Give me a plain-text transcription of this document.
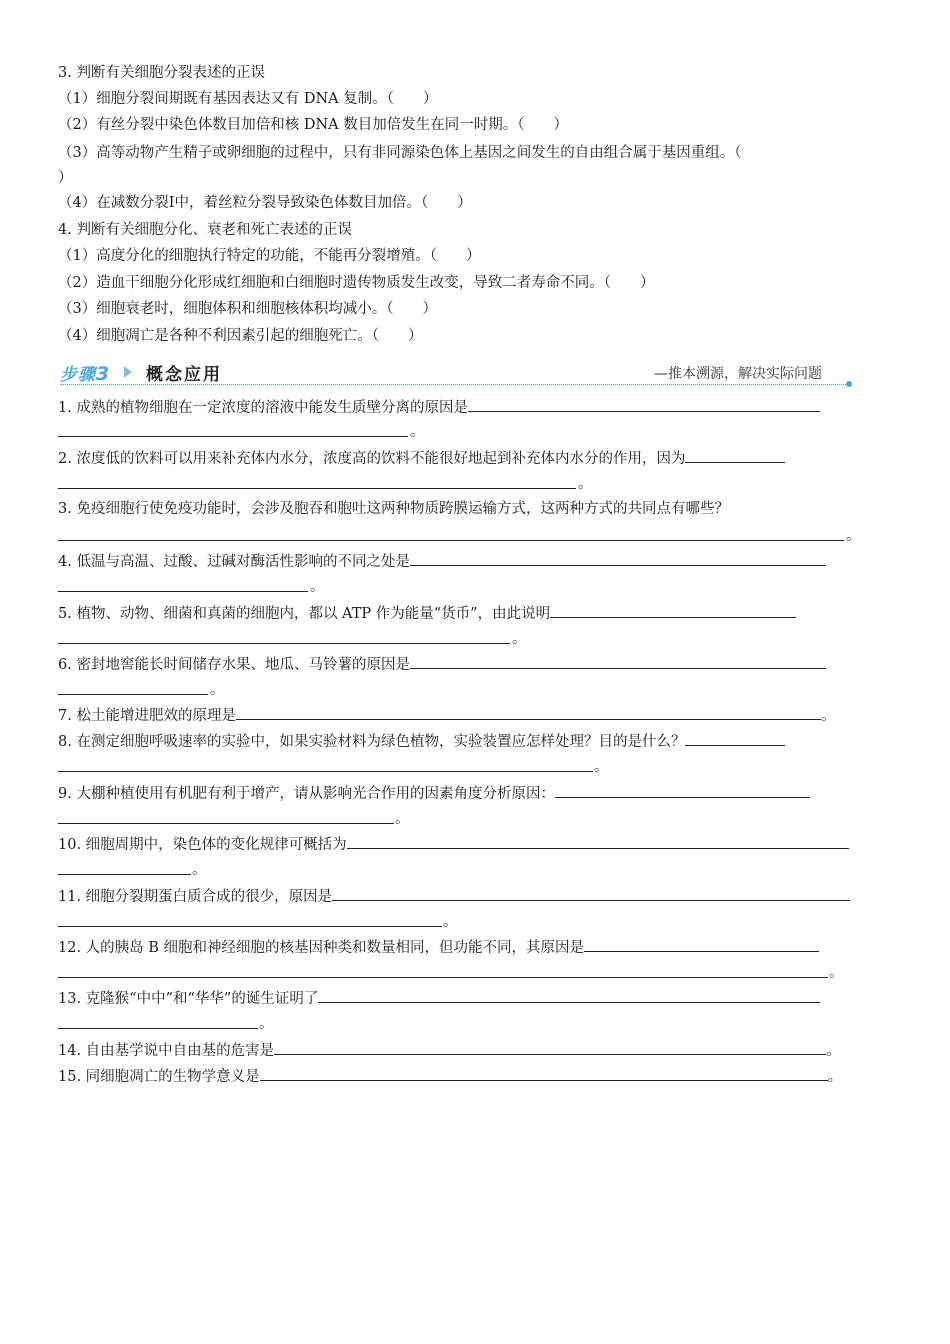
3. 判断有关细胞分裂表述的正误
（1）细胞分裂间期既有基因表达又有 DNA 复制。（　　）
（2）有丝分裂中染色体数目加倍和核 DNA 数目加倍发生在同一时期。（　　）
（3）高等动物产生精子或卵细胞的过程中，只有非同源染色体上基因之间发生的自由组合属于基因重组。（
）
（4）在减数分裂Ⅰ中，着丝粒分裂导致染色体数目加倍。（　　）
4. 判断有关细胞分化、衰老和死亡表述的正误
（1）高度分化的细胞执行特定的功能，不能再分裂增殖。（　　）
（2）造血干细胞分化形成红细胞和白细胞时遗传物质发生改变，导致二者寿命不同。（　　）
（3）细胞衰老时，细胞体积和细胞核体积均减小。（　　）
（4）细胞凋亡是各种不利因素引起的细胞死亡。（　　）
步骤3 概念应用	—推本溯源，解决实际问题
1. 成熟的植物细胞在一定浓度的溶液中能发生质壁分离的原因是
。
2. 浓度低的饮料可以用来补充体内水分，浓度高的饮料不能很好地起到补充体内水分的作用，因为
。
3. 免疫细胞行使免疫功能时，会涉及胞吞和胞吐这两种物质跨膜运输方式，这两种方式的共同点有哪些？
。
4. 低温与高温、过酸、过碱对酶活性影响的不同之处是
。
5. 植物、动物、细菌和真菌的细胞内，都以 ATP 作为能量“货币”，由此说明
。
6. 密封地窖能长时间储存水果、地瓜、马铃薯的原因是
。
7. 松土能增进肥效的原理是	。
8. 在测定细胞呼吸速率的实验中，如果实验材料为绿色植物，实验装置应怎样处理？目的是什么？
。
9. 大棚种植使用有机肥有利于增产，请从影响光合作用的因素角度分析原因：
。
10. 细胞周期中，染色体的变化规律可概括为
。
11. 细胞分裂期蛋白质合成的很少，原因是
。
12. 人的胰岛 B 细胞和神经细胞的核基因种类和数量相同，但功能不同，其原因是
。
13. 克隆猴“中中”和“华华”的诞生证明了
。
14. 自由基学说中自由基的危害是	。
15. 同细胞凋亡的生物学意义是	。
